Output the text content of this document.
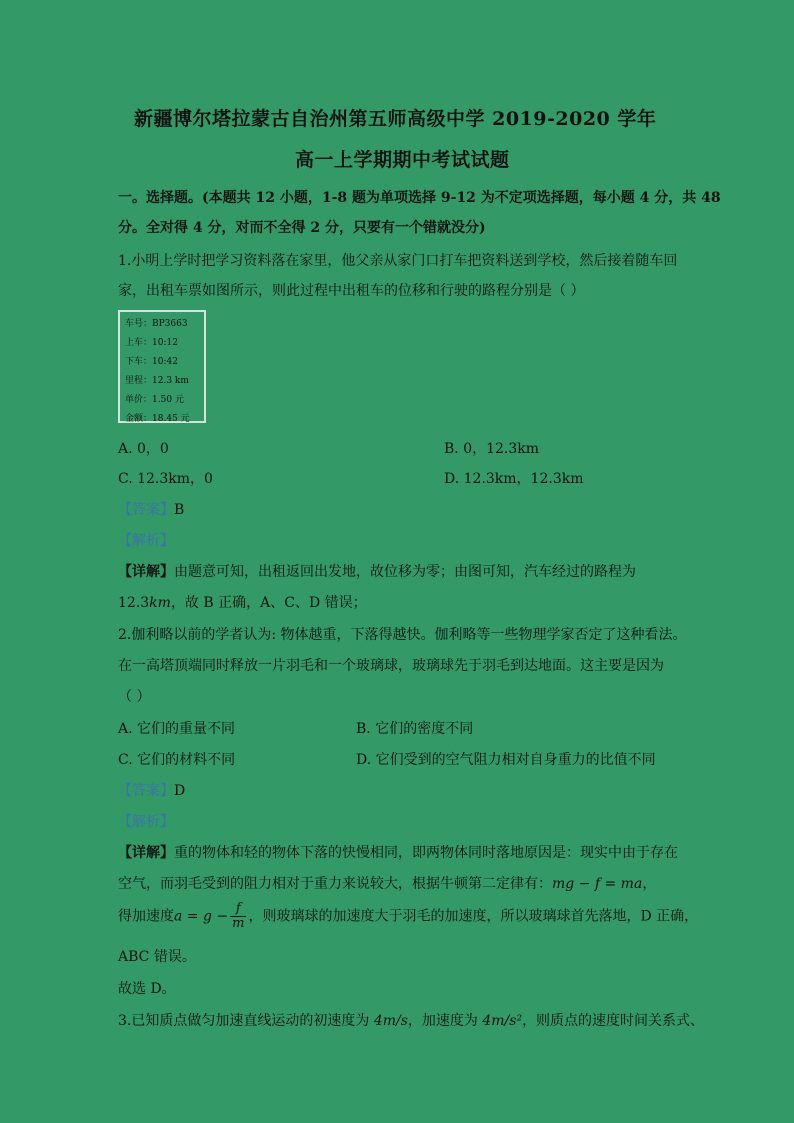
新疆博尔塔拉蒙古自治州第五师高级中学 2019-2020 学年
高一上学期期中考试试题
一。选择题。(本题共 12 小题，1-8 题为单项选择 9-12 为不定项选择题，每小题 4 分，共 48
分。全对得 4 分，对而不全得 2 分，只要有一个错就没分)
1.小明上学时把学习资料落在家里，他父亲从家门口打车把资料送到学校，然后接着随车回
家，出租车票如图所示，则此过程中出租车的位移和行驶的路程分别是（ ）
车号：BP3663
上车：10:12
下车：10:42
里程：12.3 km
单价：1.50 元
金额：18.45 元
A. 0，0	B. 0，12.3km
C. 12.3km，0	D. 12.3km，12.3km
【答案】B
【解析】
【详解】由题意可知，出租返回出发地，故位移为零；由图可知，汽车经过的路程为
12.3km，故 B 正确，A、C、D 错误；
2.伽利略以前的学者认为: 物体越重，下落得越快。伽利略等一些物理学家否定了这种看法。
在一高塔顶端同时释放一片羽毛和一个玻璃球，玻璃球先于羽毛到达地面。这主要是因为
（ ）
A. 它们的重量不同	B. 它们的密度不同
C. 它们的材料不同	D. 它们受到的空气阻力相对自身重力的比值不同
【答案】D
【解析】
【详解】重的物体和轻的物体下落的快慢相同，即两物体同时落地原因是：现实中由于存在
空气，而羽毛受到的阻力相对于重力来说较大，根据牛顿第二定律有：mg − f = ma，
得加速度$a = g - \frac{f}{m}$ ，则玻璃球的加速度大于羽毛的加速度，所以玻璃球首先落地，D 正确，
ABC 错误。
故选 D。
3.已知质点做匀加速直线运动的初速度为 4m/s，加速度为 4m/s²，则质点的速度时间关系式、
